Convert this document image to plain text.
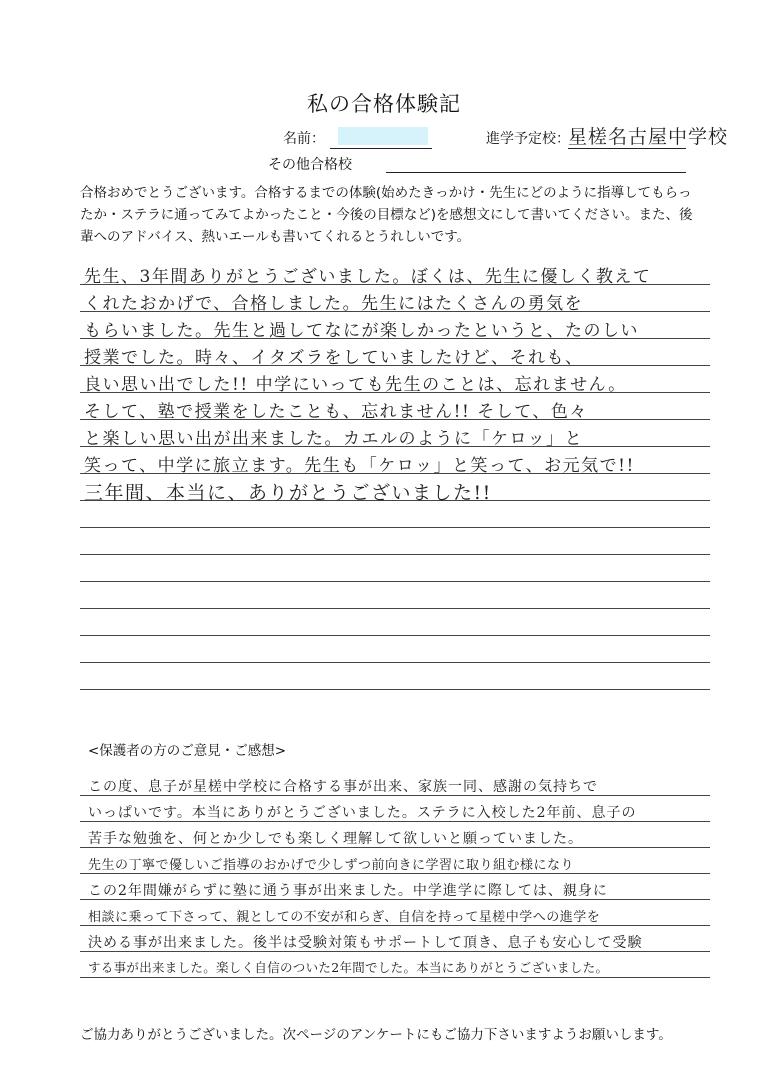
私の合格体験記
名前：	進学予定校：
星槎名古屋中学校
その他合格校
合格おめでとうございます。合格するまでの体験(始めたきっかけ・先生にどのように指導してもらっ
たか・ステラに通ってみてよかったこと・今後の目標など)を感想文にして書いてください。また、後
輩へのアドバイス、熱いエールも書いてくれるとうれしいです。
先生、3年間ありがとうございました。ぼくは、先生に優しく教えて
くれたおかげで、合格しました。先生にはたくさんの勇気を
もらいました。先生と過してなにが楽しかったというと、たのしい
授業でした。時々、イタズラをしていましたけど、それも、
良い思い出でした!! 中学にいっても先生のことは、忘れません。
そして、塾で授業をしたことも、忘れません!! そして、色々
と楽しい思い出が出来ました。カエルのように「ケロッ」と
笑って、中学に旅立ます。先生も「ケロッ」と笑って、お元気で!!
三年間、本当に、ありがとうございました!!
<保護者の方のご意見・ご感想>
この度、息子が星槎中学校に合格する事が出来、家族一同、感謝の気持ちで
いっぱいです。本当にありがとうございました。ステラに入校した2年前、息子の
苦手な勉強を、何とか少しでも楽しく理解して欲しいと願っていました。
先生の丁寧で優しいご指導のおかげで少しずつ前向きに学習に取り組む様になり
この2年間嫌がらずに塾に通う事が出来ました。中学進学に際しては、親身に
相談に乗って下さって、親としての不安が和らぎ、自信を持って星槎中学への進学を
決める事が出来ました。後半は受験対策もサポートして頂き、息子も安心して受験
する事が出来ました。楽しく自信のついた2年間でした。本当にありがとうございました。
ご協力ありがとうございました。次ページのアンケートにもご協力下さいますようお願いします。
